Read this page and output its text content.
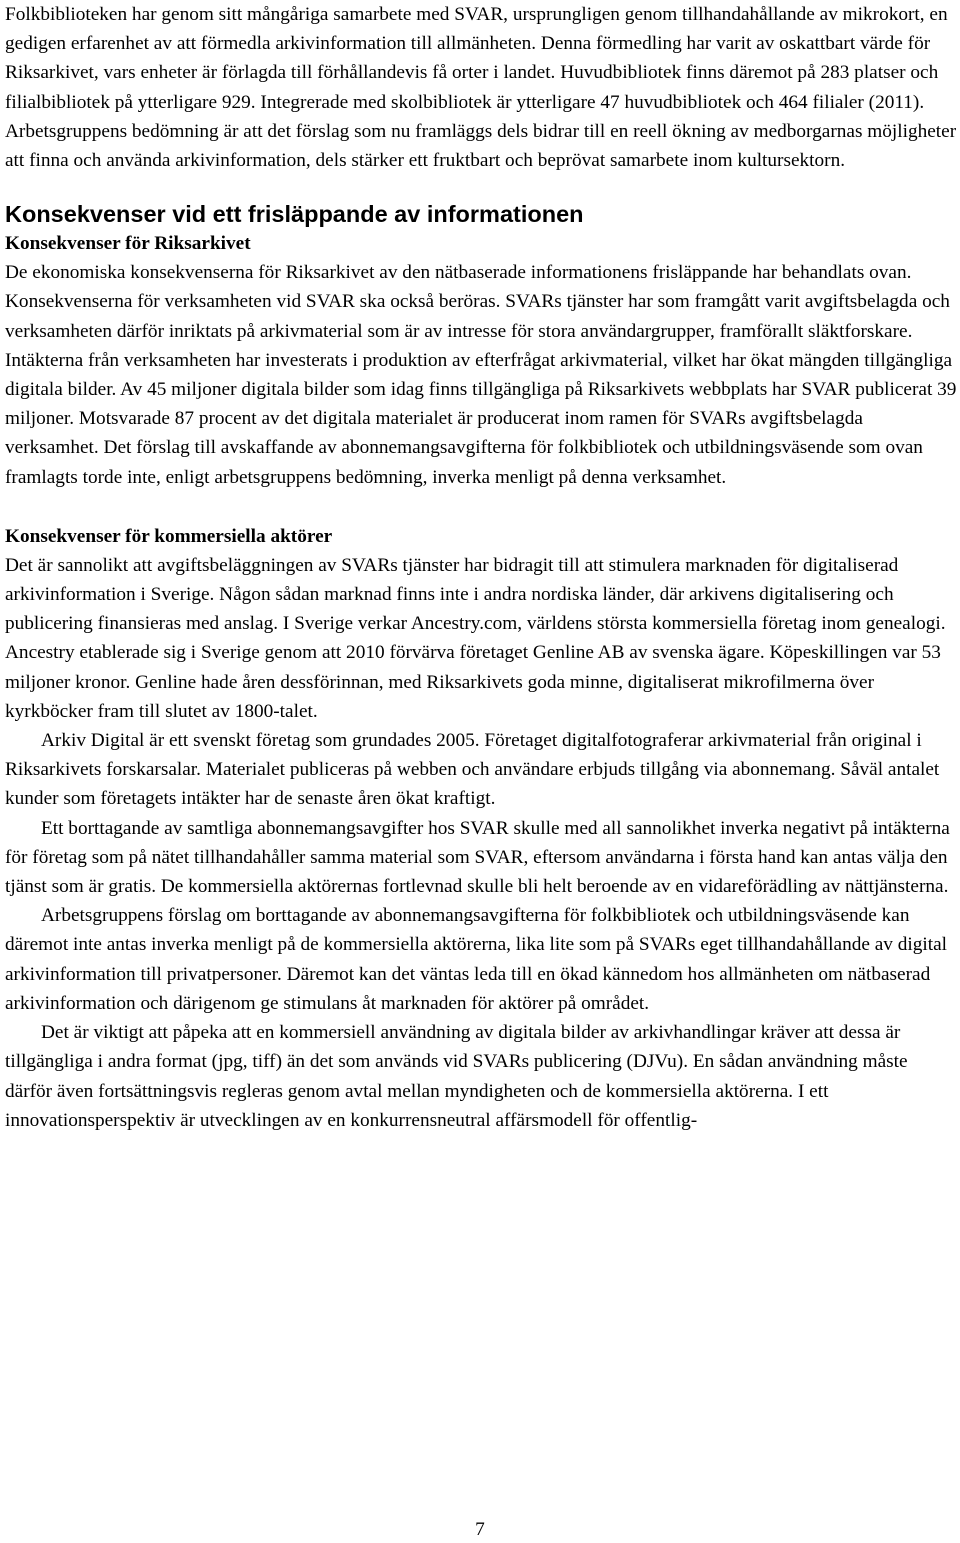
Folkbiblioteken har genom sitt mångåriga samarbete med SVAR, ursprungligen genom tillhandahållande av mikrokort, en gedigen erfarenhet av att förmedla arkivinformation till allmänheten. Denna förmedling har varit av oskattbart värde för Riksarkivet, vars enheter är förlagda till förhållandevis få orter i landet. Huvudbibliotek finns däremot på 283 platser och filialbibliotek på ytterligare 929. Integrerade med skolbibliotek är ytterligare 47 huvudbibliotek och 464 filialer (2011). Arbetsgruppens bedömning är att det förslag som nu framläggs dels bidrar till en reell ökning av medborgarnas möjligheter att finna och använda arkivinformation, dels stärker ett fruktbart och beprövat samarbete inom kultursektorn.

Konsekvenser vid ett frisläppande av informationen
Konsekvenser för Riksarkivet

De ekonomiska konsekvenserna för Riksarkivet av den nätbaserade informationens frisläppande har behandlats ovan. Konsekvenserna för verksamheten vid SVAR ska också beröras. SVARs tjänster har som framgått varit avgiftsbelagda och verksamheten därför inriktats på arkivmaterial som är av intresse för stora användargrupper, framförallt släktforskare. Intäkterna från verksamheten har investerats i produktion av efterfrågat arkivmaterial, vilket har ökat mängden tillgängliga digitala bilder. Av 45 miljoner digitala bilder som idag finns tillgängliga på Riksarkivets webbplats har SVAR publicerat 39 miljoner. Motsvarade 87 procent av det digitala materialet är producerat inom ramen för SVARs avgiftsbelagda verksamhet. Det förslag till avskaffande av abonnemangsavgifterna för folkbibliotek och utbildningsväsende som ovan framlagts torde inte, enligt arbetsgruppens bedömning, inverka menligt på denna verksamhet.

Konsekvenser för kommersiella aktörer

Det är sannolikt att avgiftsbeläggningen av SVARs tjänster har bidragit till att stimulera marknaden för digitaliserad arkivinformation i Sverige. Någon sådan marknad finns inte i andra nordiska länder, där arkivens digitalisering och publicering finansieras med anslag. I Sverige verkar Ancestry.com, världens största kommersiella företag inom genealogi. Ancestry etablerade sig i Sverige genom att 2010 förvärva företaget Genline AB av svenska ägare. Köpeskillingen var 53 miljoner kronor. Genline hade åren dessförinnan, med Riksarkivets goda minne, digitaliserat mikrofilmerna över kyrkböcker fram till slutet av 1800-talet.

Arkiv Digital är ett svenskt företag som grundades 2005. Företaget digitalfotograferar arkivmaterial från original i Riksarkivets forskarsalar. Materialet publiceras på webben och användare erbjuds tillgång via abonnemang. Såväl antalet kunder som företagets intäkter har de senaste åren ökat kraftigt.

Ett borttagande av samtliga abonnemangsavgifter hos SVAR skulle med all sannolikhet inverka negativt på intäkterna för företag som på nätet tillhandahåller samma material som SVAR, eftersom användarna i första hand kan antas välja den tjänst som är gratis. De kommersiella aktörernas fortlevnad skulle bli helt beroende av en vidareförädling av nättjänsterna.

Arbetsgruppens förslag om borttagande av abonnemangsavgifterna för folkbibliotek och utbildningsväsende kan däremot inte antas inverka menligt på de kommersiella aktörerna, lika lite som på SVARs eget tillhandahållande av digital arkivinformation till privatpersoner. Däremot kan det väntas leda till en ökad kännedom hos allmänheten om nätbaserad arkivinformation och därigenom ge stimulans åt marknaden för aktörer på området.

Det är viktigt att påpeka att en kommersiell användning av digitala bilder av arkivhandlingar kräver att dessa är tillgängliga i andra format (jpg, tiff) än det som används vid SVARs publicering (DJVu). En sådan användning måste därför även fortsättningsvis regleras genom avtal mellan myndigheten och de kommersiella aktörerna. I ett innovationsperspektiv är utvecklingen av en konkurrensneutral affärsmodell för offentlig-

7
